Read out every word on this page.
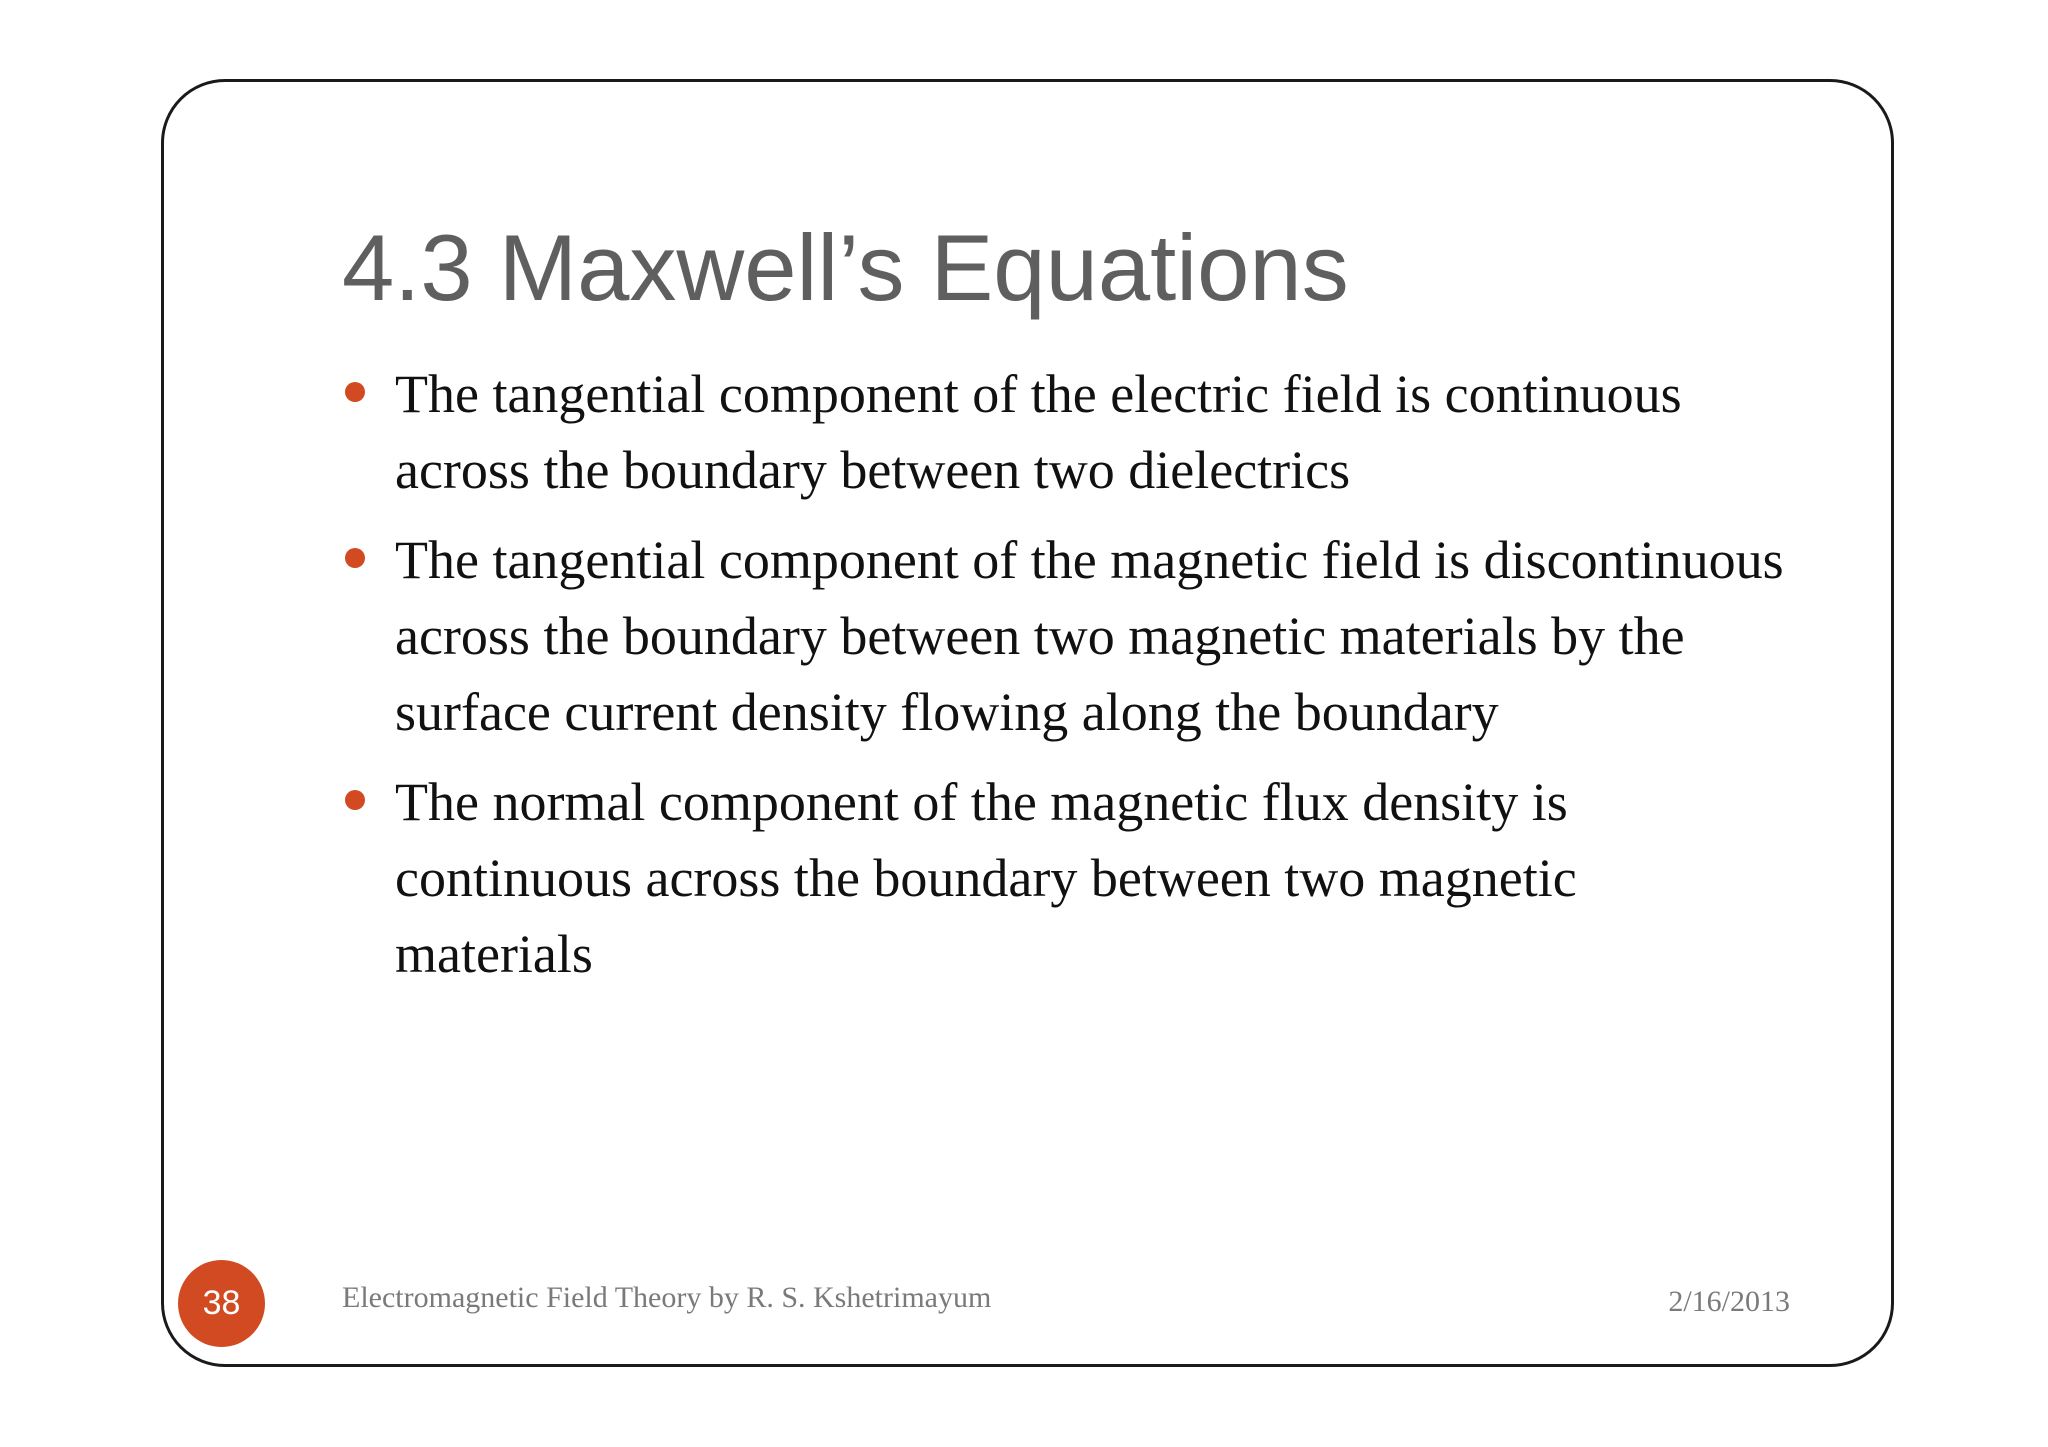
4.3 Maxwell’s Equations
The tangential component of the electric field is continuous across the boundary between two dielectrics
The tangential component of the magnetic field is discontinuous across the boundary between two magnetic materials by the surface current density flowing along the boundary
The normal component of the magnetic flux density is continuous across the boundary between two magnetic materials
38	Electromagnetic Field Theory by R. S. Kshetrimayum	2/16/2013
